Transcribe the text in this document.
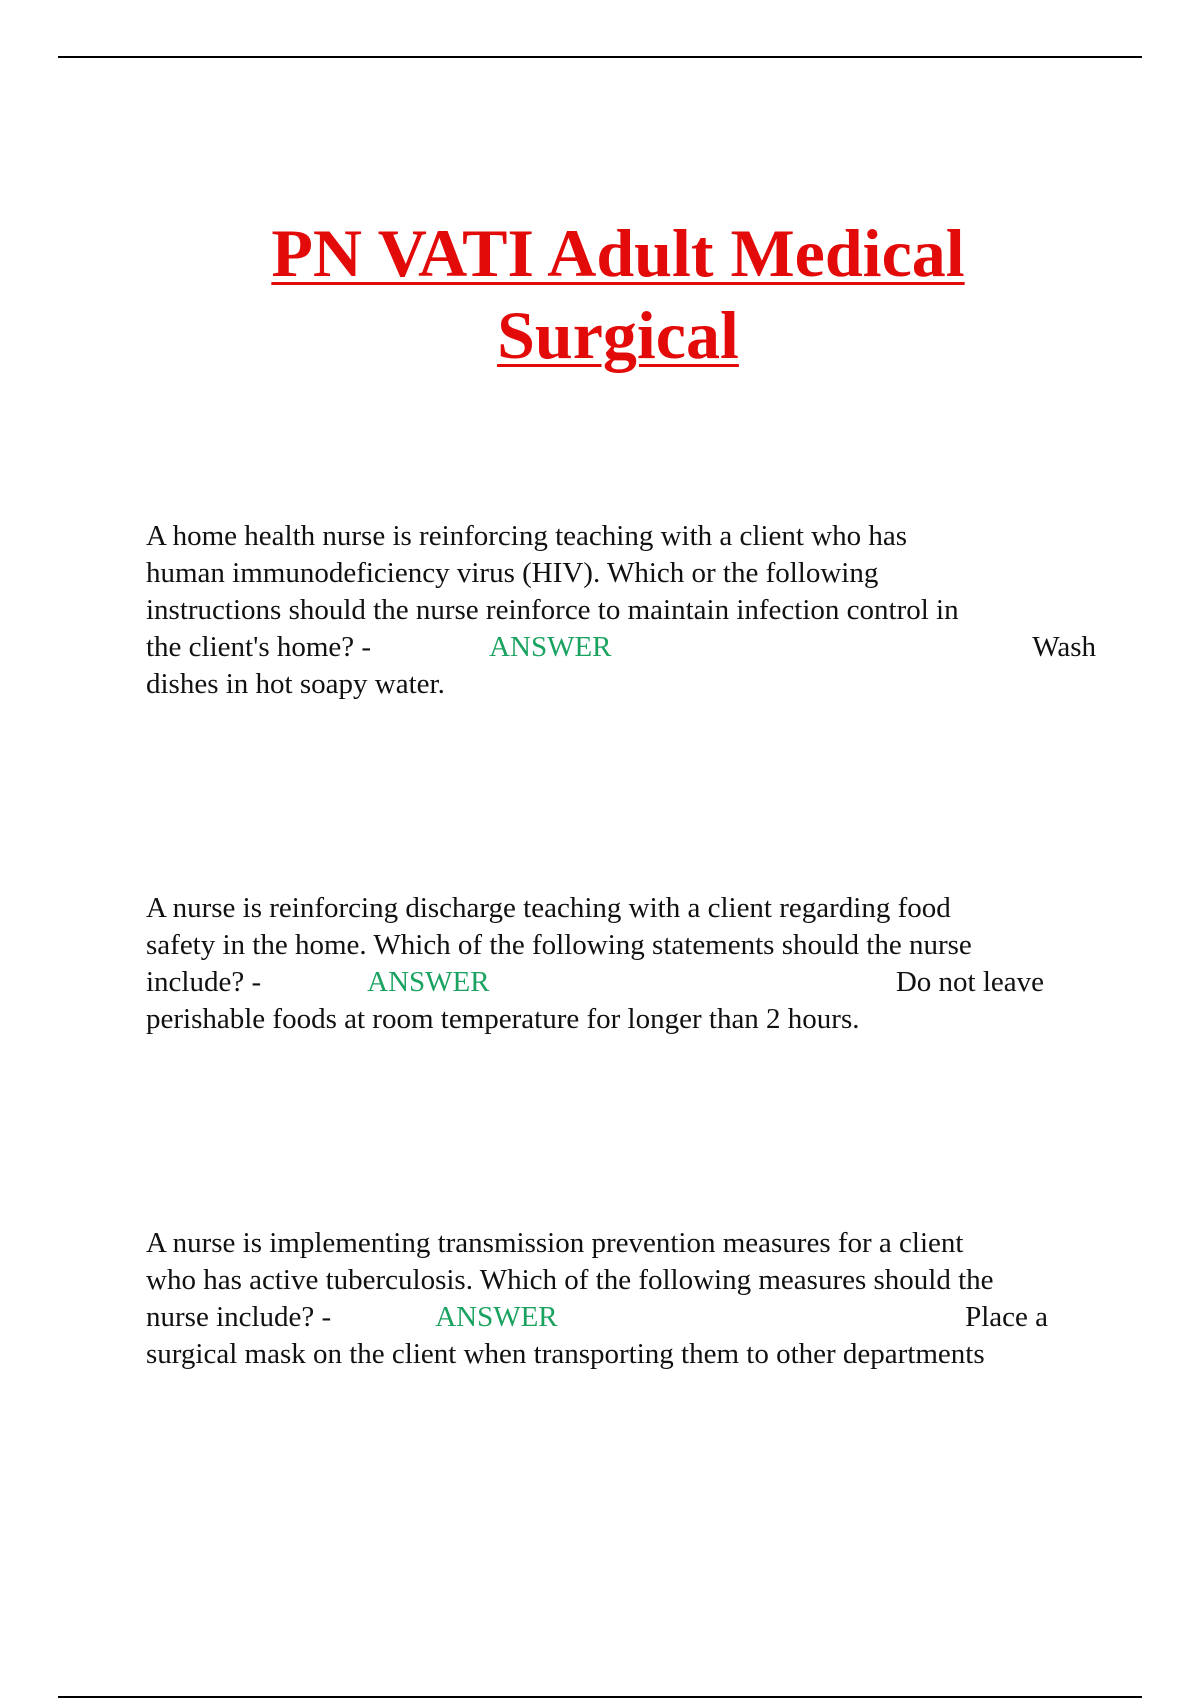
PN VATI Adult Medical
Surgical
A home health nurse is reinforcing teaching with a client who has
human immunodeficiency virus (HIV). Which or the following
instructions should the nurse reinforce to maintain infection control in
the client's home? -	ANSWER	Wash
dishes in hot soapy water.
A nurse is reinforcing discharge teaching with a client regarding food
safety in the home. Which of the following statements should the nurse
include? -	ANSWER	Do not leave
perishable foods at room temperature for longer than 2 hours.
A nurse is implementing transmission prevention measures for a client
who has active tuberculosis. Which of the following measures should the
nurse include? -	ANSWER	Place a
surgical mask on the client when transporting them to other departments
